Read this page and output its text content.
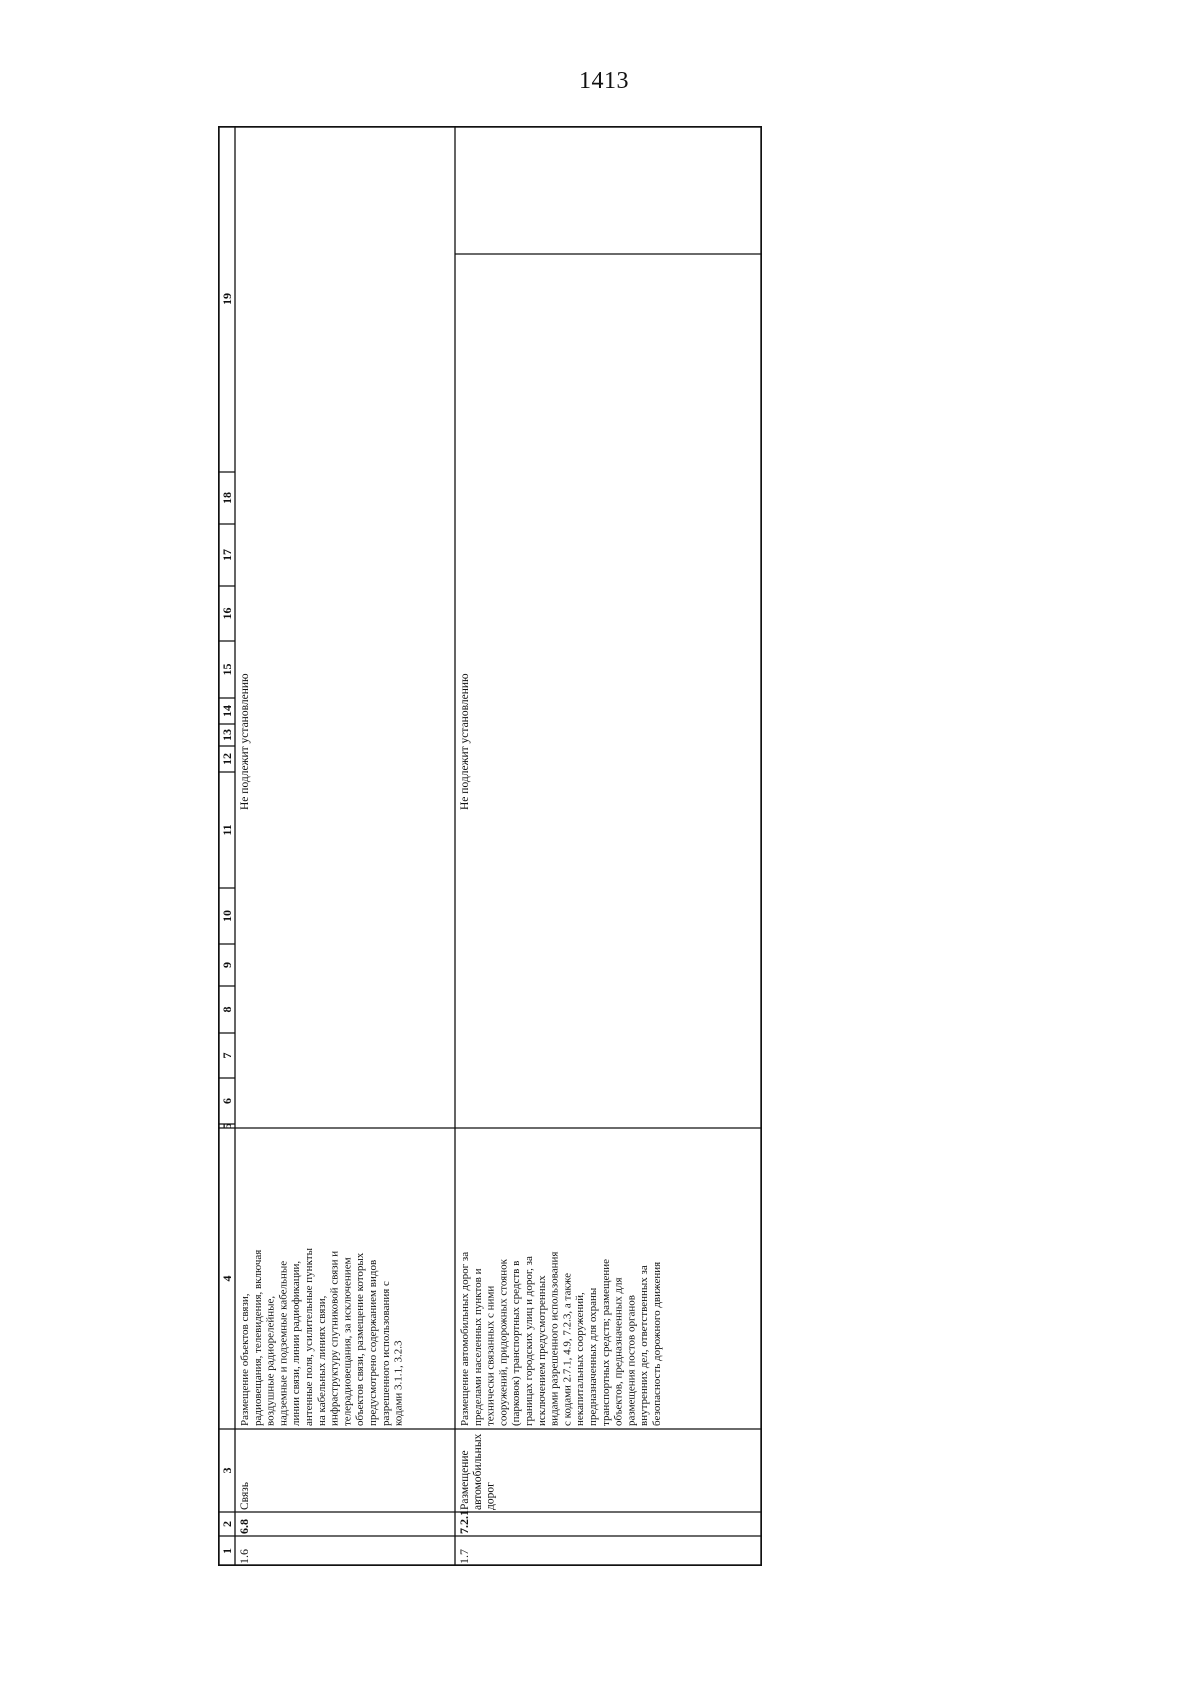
1413
1
2
3
4
5
6
7
8
9
10
11
12
13
14
15
16
17
18
19
1.6
6.8
Связь
Размещение объектов связи, радиовещания, телевидения, включая воздушные радиорелейные, надземные и подземные кабельные линии связи, линии радиофикации, антенные поля, усилительные пункты на кабельных линиях связи, инфраструктуру спутниковой связи и телерадиовещания, за исключением объектов связи, размещение которых предусмотрено содержанием видов разрешенного использования с кодами 3.1.1, 3.2.3
Не подлежит установлению
1.7
7.2.1
Размещение автомобильных дорог
Размещение автомобильных дорог за пределами населенных пунктов и технически связанных с ними сооружений, придорожных стоянок (парковок) транспортных средств в границах городских улиц и дорог, за исключением предусмотренных видами разрешенного использования с кодами 2.7.1, 4.9, 7.2.3, а также некапитальных сооружений, предназначенных для охраны транспортных средств; размещение объектов, предназначенных для размещения постов органов внутренних дел, ответственных за безопасность дорожного движения
Не подлежит установлению
